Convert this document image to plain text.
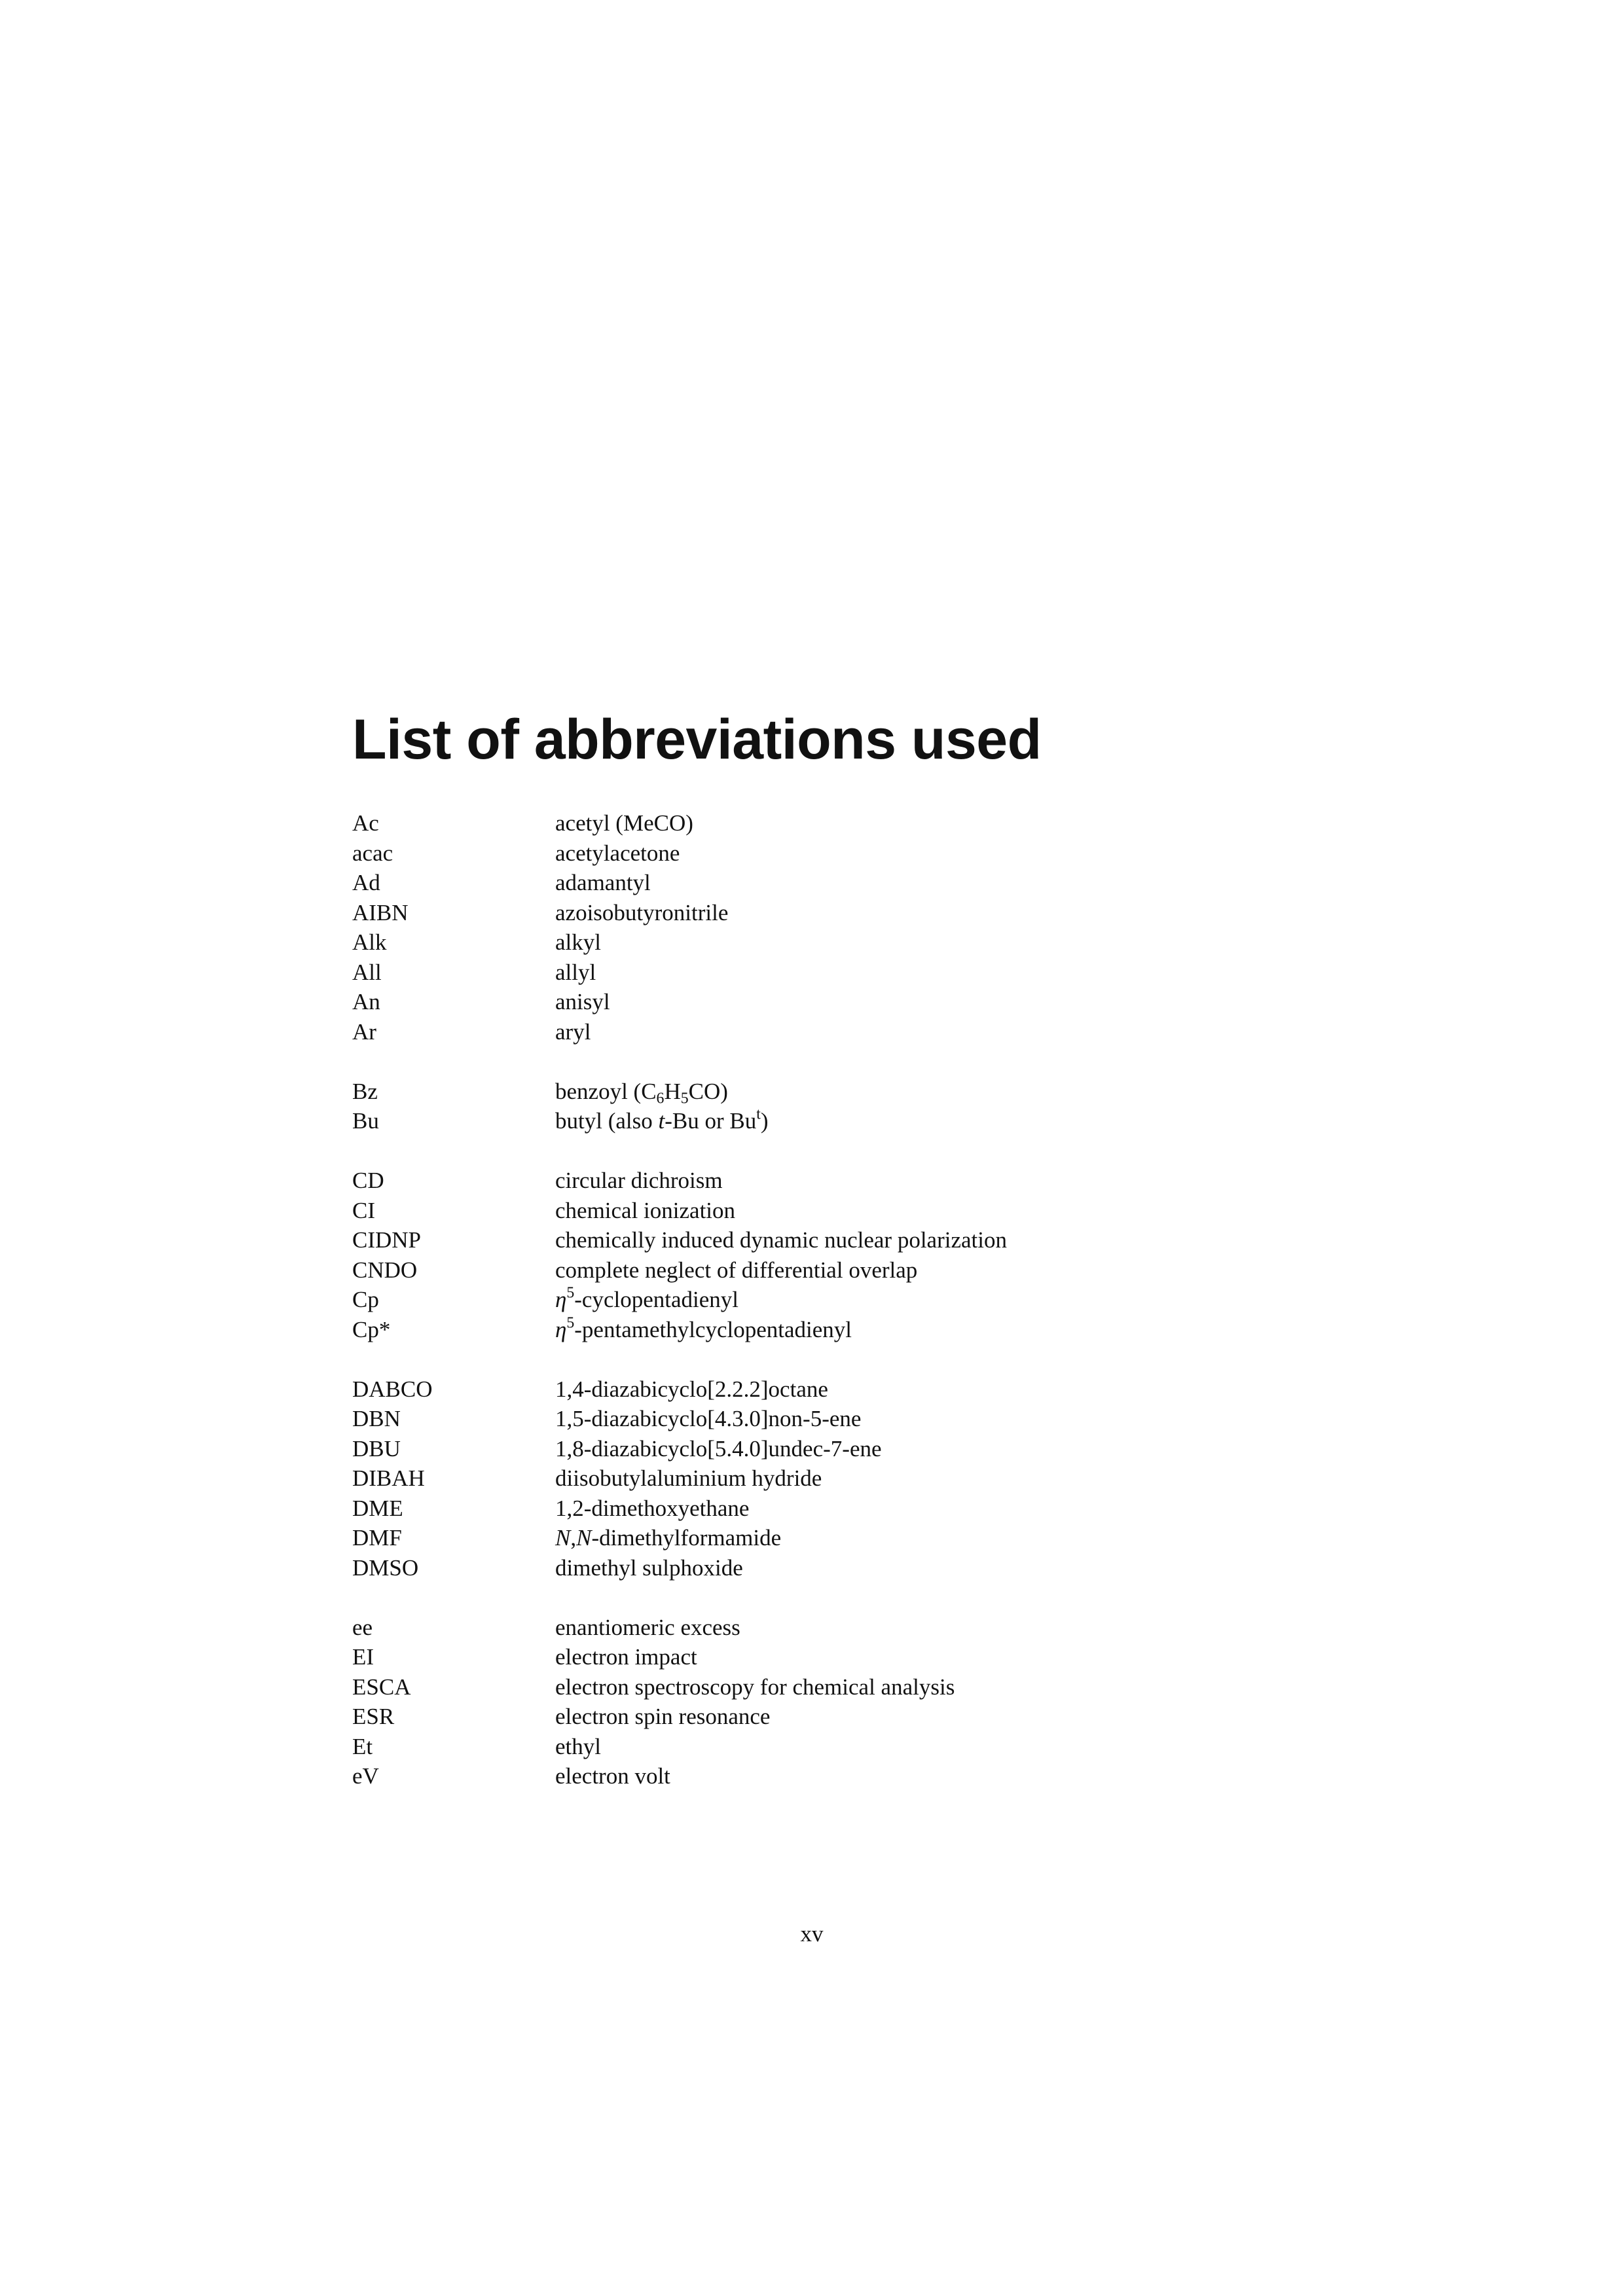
List of abbreviations used
Ac	acetyl (MeCO)
acac	acetylacetone
Ad	adamantyl
AIBN	azoisobutyronitrile
Alk	alkyl
All	allyl
An	anisyl
Ar	aryl
Bz	benzoyl $(C_6H_5CO)$
Bu	butyl (also t-Bu or Bu$^t$)
CD	circular dichroism
CI	chemical ionization
CIDNP	chemically induced dynamic nuclear polarization
CNDO	complete neglect of differential overlap
Cp	$\eta^5$-cyclopentadienyl
Cp*	$\eta^5$-pentamethylcyclopentadienyl
DABCO	1,4-diazabicyclo[2.2.2]octane
DBN	1,5-diazabicyclo[4.3.0]non-5-ene
DBU	1,8-diazabicyclo[5.4.0]undec-7-ene
DIBAH	diisobutylaluminium hydride
DME	1,2-dimethoxyethane
DMF	N,N-dimethylformamide
DMSO	dimethyl sulphoxide
ee	enantiomeric excess
EI	electron impact
ESCA	electron spectroscopy for chemical analysis
ESR	electron spin resonance
Et	ethyl
eV	electron volt
xv
